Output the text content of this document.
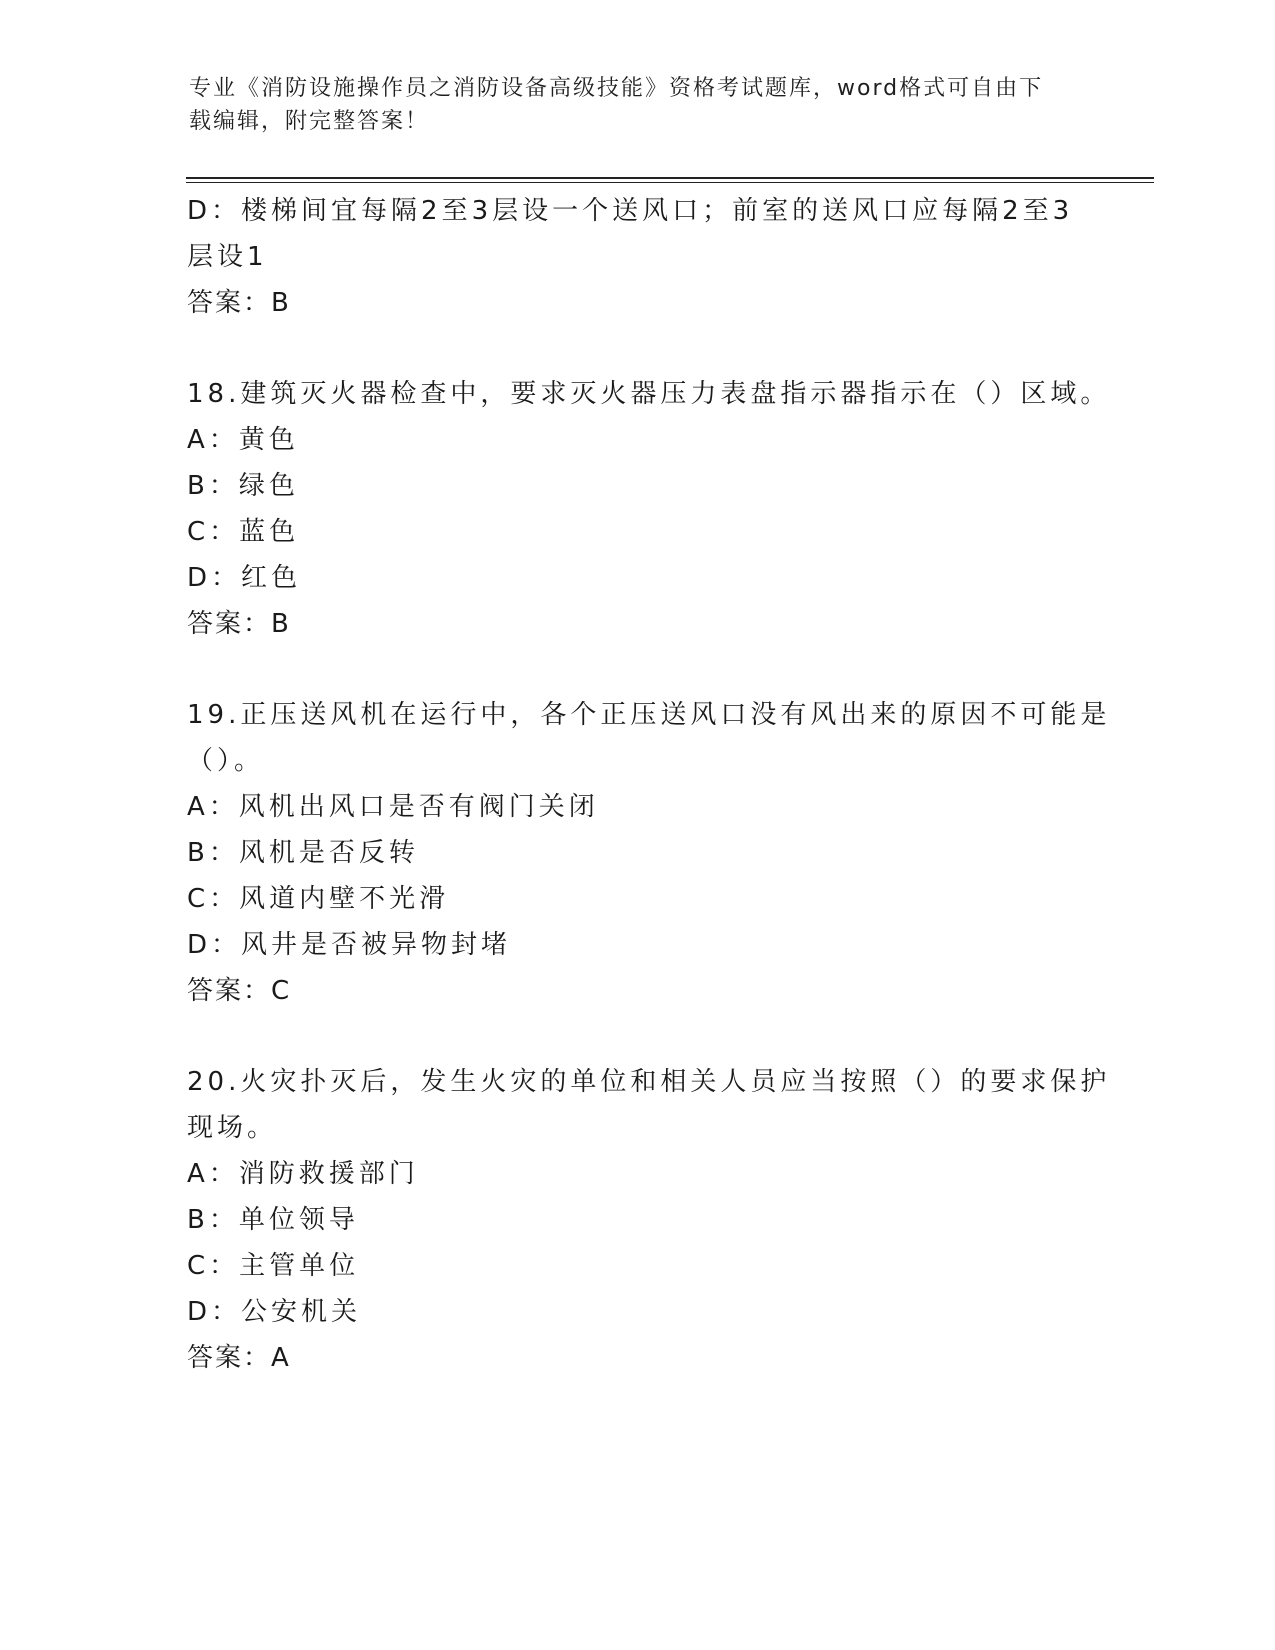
专业《消防设施操作员之消防设备高级技能》资格考试题库，word格式可自由下
载编辑，附完整答案！
D：楼梯间宜每隔2至3层设一个送风口；前室的送风口应每隔2至3
层设1
答案：B
18.建筑灭火器检查中，要求灭火器压力表盘指示器指示在（）区域。
A：黄色
B：绿色
C：蓝色
D：红色
答案：B
19.正压送风机在运行中，各个正压送风口没有风出来的原因不可能是
（）。
A：风机出风口是否有阀门关闭
B：风机是否反转
C：风道内壁不光滑
D：风井是否被异物封堵
答案：C
20.火灾扑灭后，发生火灾的单位和相关人员应当按照（）的要求保护
现场。
A：消防救援部门
B：单位领导
C：主管单位
D：公安机关
答案：A
